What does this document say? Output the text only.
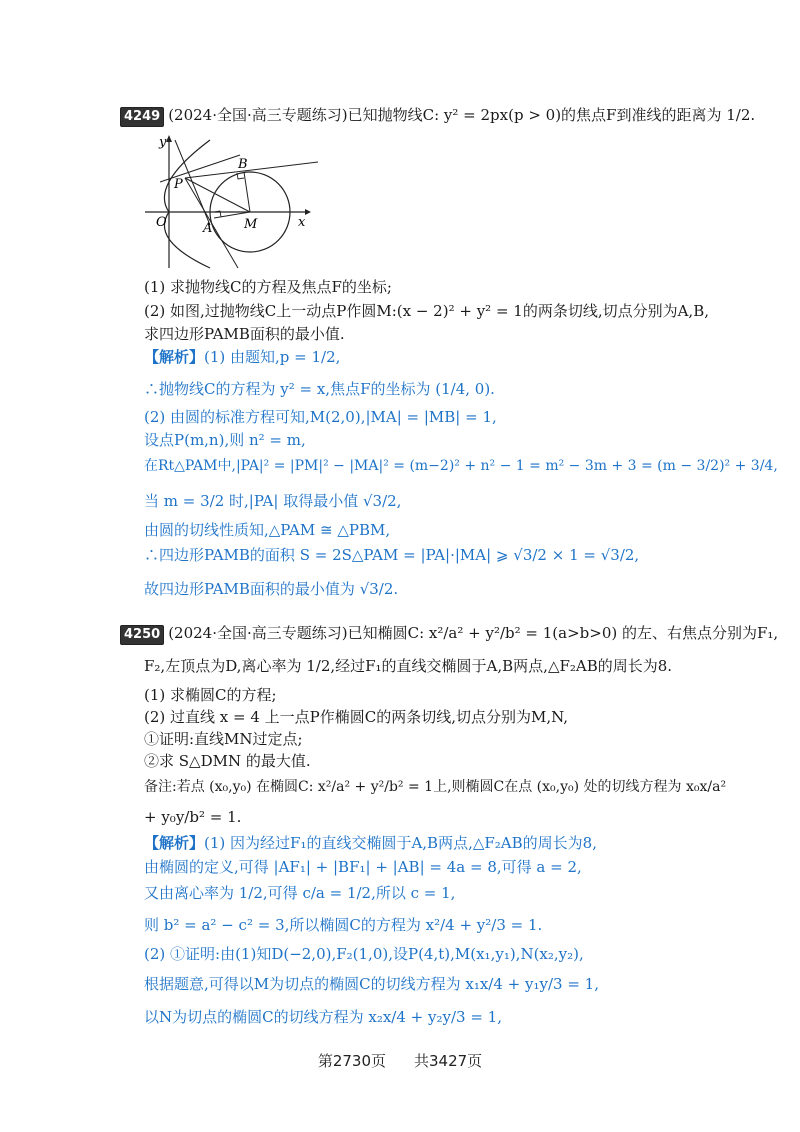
4249 (2024·全国·高三专题练习)已知抛物线C: y² = 2px(p > 0)的焦点F到准线的距离为 1/2.
y
x
O
P
B
A M
(1) 求抛物线C的方程及焦点F的坐标;
(2) 如图,过抛物线C上一动点P作圆M:(x − 2)² + y² = 1的两条切线,切点分别为A,B,
求四边形PAMB面积的最小值.
【解析】(1) 由题知,p = 1/2,
∴抛物线C的方程为 y² = x,焦点F的坐标为 (1/4, 0).
(2) 由圆的标准方程可知,M(2,0),|MA| = |MB| = 1,
设点P(m,n),则 n² = m,
在Rt△PAM中,|PA|² = |PM|² − |MA|² = (m−2)² + n² − 1 = m² − 3m + 3 = (m − 3/2)² + 3/4,
当 m = 3/2 时,|PA| 取得最小值 √3/2,
由圆的切线性质知,△PAM ≅ △PBM,
∴四边形PAMB的面积 S = 2S△PAM = |PA|·|MA| ⩾ √3/2 × 1 = √3/2,
故四边形PAMB面积的最小值为 √3/2.
4250 (2024·全国·高三专题练习)已知椭圆C: x²/a² + y²/b² = 1(a>b>0) 的左、右焦点分别为F₁,
F₂,左顶点为D,离心率为 1/2,经过F₁的直线交椭圆于A,B两点,△F₂AB的周长为8.
(1) 求椭圆C的方程;
(2) 过直线 x = 4 上一点P作椭圆C的两条切线,切点分别为M,N,
①证明:直线MN过定点;
②求 S△DMN 的最大值.
备注:若点 (x₀,y₀) 在椭圆C: x²/a² + y²/b² = 1上,则椭圆C在点 (x₀,y₀) 处的切线方程为 x₀x/a²
+ y₀y/b² = 1.
【解析】(1) 因为经过F₁的直线交椭圆于A,B两点,△F₂AB的周长为8,
由椭圆的定义,可得 |AF₁| + |BF₁| + |AB| = 4a = 8,可得 a = 2,
又由离心率为 1/2,可得 c/a = 1/2,所以 c = 1,
则 b² = a² − c² = 3,所以椭圆C的方程为 x²/4 + y²/3 = 1.
(2) ①证明:由(1)知D(−2,0),F₂(1,0),设P(4,t),M(x₁,y₁),N(x₂,y₂),
根据题意,可得以M为切点的椭圆C的切线方程为 x₁x/4 + y₁y/3 = 1,
以N为切点的椭圆C的切线方程为 x₂x/4 + y₂y/3 = 1,
第2730页 共3427页
